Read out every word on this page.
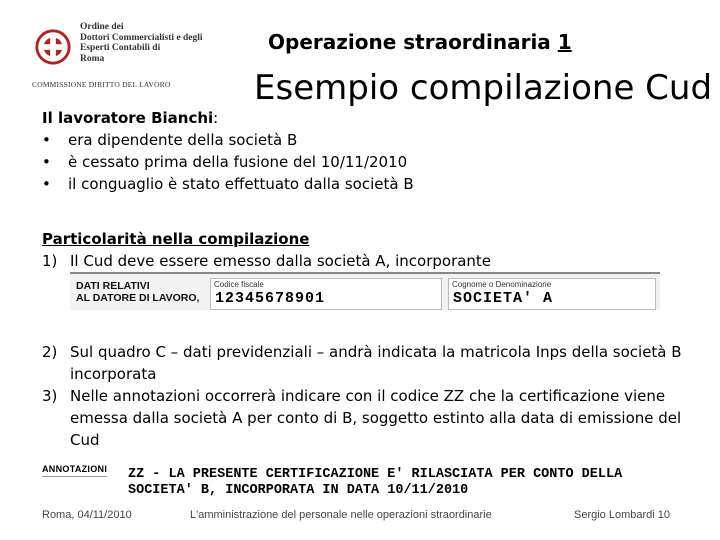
Ordine dei
Dottori Commercialisti e degli
Esperti Contabili di
Roma
COMMISSIONE DIRITTO DEL LAVORO
Operazione straordinaria 1
Esempio compilazione Cud
Il lavoratore Bianchi:
• era dipendente della società B
• è cessato prima della fusione del 10/11/2010
• il conguaglio è stato effettuato dalla società B
Particolarità nella compilazione
1) Il Cud deve essere emesso dalla società A, incorporante
DATI RELATIVI
AL DATORE DI LAVORO,
Codice fiscale
12345678901
Cognome o Denominazione
SOCIETA' A
2) Sul quadro C – dati previdenziali – andrà indicata la matricola Inps della società B incorporata
3) Nelle annotazioni occorrerà indicare con il codice ZZ che la certificazione viene emessa dalla società A per conto di B, soggetto estinto alla data di emissione del Cud
ANNOTAZIONI ZZ - LA PRESENTE CERTIFICAZIONE E' RILASCIATA PER CONTO DELLA
SOCIETA' B, INCORPORATA IN DATA 10/11/2010
Roma, 04/11/2010	L'amministrazione del personale nelle operazioni straordinarie	Sergio Lombardi 10
